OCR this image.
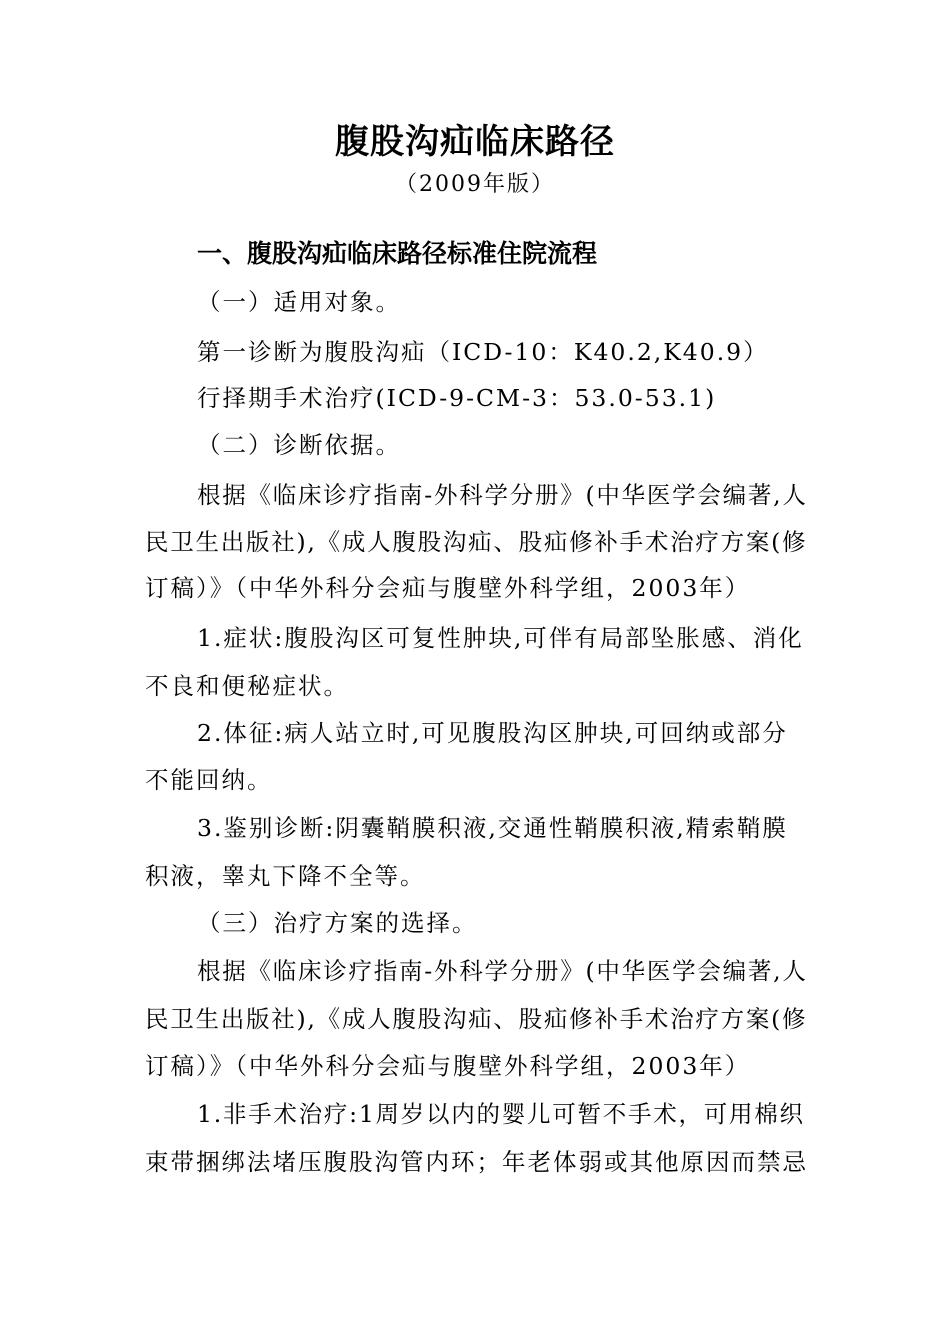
腹股沟疝临床路径
（2009年版）
一、腹股沟疝临床路径标准住院流程
（一）适用对象。
第一诊断为腹股沟疝（ICD-10：K40.2,K40.9）
行择期手术治疗(ICD-9-CM-3：53.0-53.1)
（二）诊断依据。
根据《临床诊疗指南-外科学分册》(中华医学会编著,人
民卫生出版社),《成人腹股沟疝、股疝修补手术治疗方案(修
订稿）》（中华外科分会疝与腹壁外科学组，2003年）
1.症状:腹股沟区可复性肿块,可伴有局部坠胀感、消化
不良和便秘症状。
2.体征:病人站立时,可见腹股沟区肿块,可回纳或部分
不能回纳。
3.鉴别诊断:阴囊鞘膜积液,交通性鞘膜积液,精索鞘膜
积液，睾丸下降不全等。
（三）治疗方案的选择。
根据《临床诊疗指南-外科学分册》(中华医学会编著,人
民卫生出版社),《成人腹股沟疝、股疝修补手术治疗方案(修
订稿）》（中华外科分会疝与腹壁外科学组，2003年）
1.非手术治疗:1周岁以内的婴儿可暂不手术，可用棉织
束带捆绑法堵压腹股沟管内环；年老体弱或其他原因而禁忌
